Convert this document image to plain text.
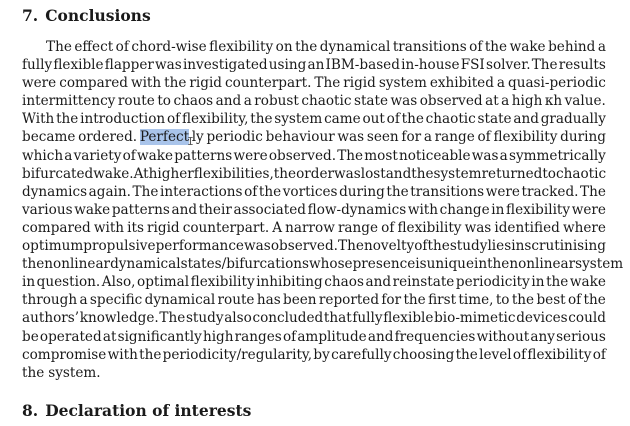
7. Conclusions
The effect of chord-wise flexibility on the dynamical transitions of the wake behind a
fully flexible flapper was investigated using an IBM-based in-house FSI solver. The results
were compared with the rigid counterpart. The rigid system exhibited a quasi-periodic
intermittency route to chaos and a robust chaotic state was observed at a high κh value.
With the introduction of flexibility, the system came out of the chaotic state and gradually
became ordered. PerfectIly periodic behaviour was seen for a range of flexibility during
which a variety of wake patterns were observed. The most noticeable was a symmetrically
bifurcated wake. At higher flexibilities, the order was lost and the system returned to chaotic
dynamics again. The interactions of the vortices during the transitions were tracked. The
various wake patterns and their associated flow-dynamics with change in flexibility were
compared with its rigid counterpart. A narrow range of flexibility was identified where
optimum propulsive performance was observed. The novelty of the study lies in scrutinising
the nonlinear dynamical states/bifurcations whose presence is unique in the nonlinear system
in question. Also, optimal flexibility inhibiting chaos and reinstate periodicity in the wake
through a specific dynamical route has been reported for the first time, to the best of the
authors’ knowledge. The study also concluded that fully flexible bio-mimetic devices could
be operated at significantly high ranges of amplitude and frequencies without any serious
compromise with the periodicity/regularity, by carefully choosing the level of flexibility of
the system.
8. Declaration of interests
